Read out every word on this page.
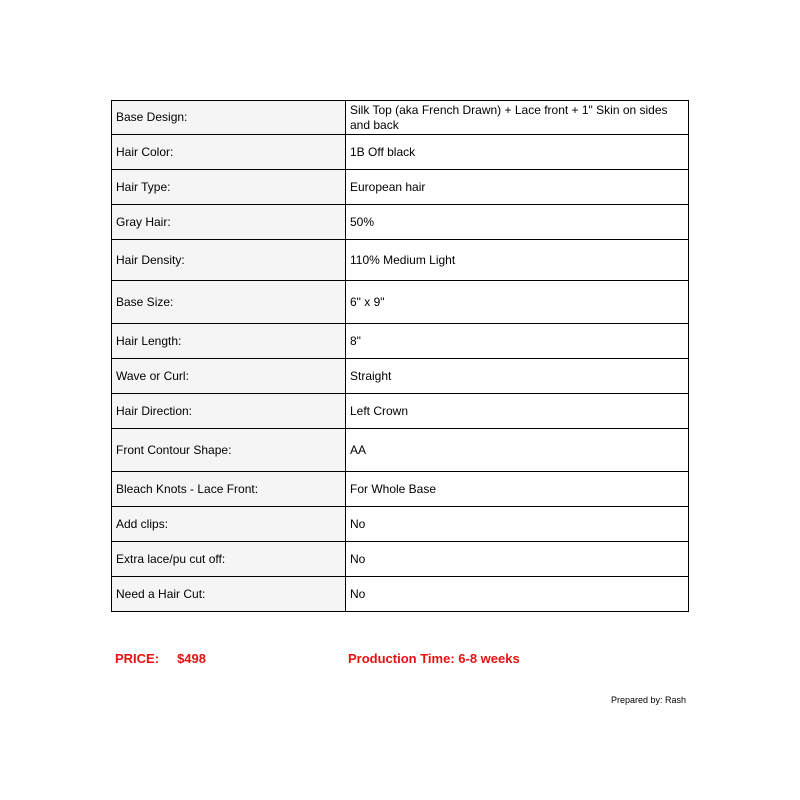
Base Design:	Silk Top (aka French Drawn) + Lace front + 1" Skin on sides and back
Hair Color:	1B Off black
Hair Type:	European hair
Gray Hair:	50%
Hair Density:	110% Medium Light
Base Size:	6" x 9"
Hair Length:	8"
Wave or Curl:	Straight
Hair Direction:	Left Crown
Front Contour Shape:	AA
Bleach Knots - Lace Front:	For Whole Base
Add clips:	No
Extra lace/pu cut off:	No
Need a Hair Cut:	No
PRICE: $498	Production Time: 6-8 weeks
Prepared by: Rash
